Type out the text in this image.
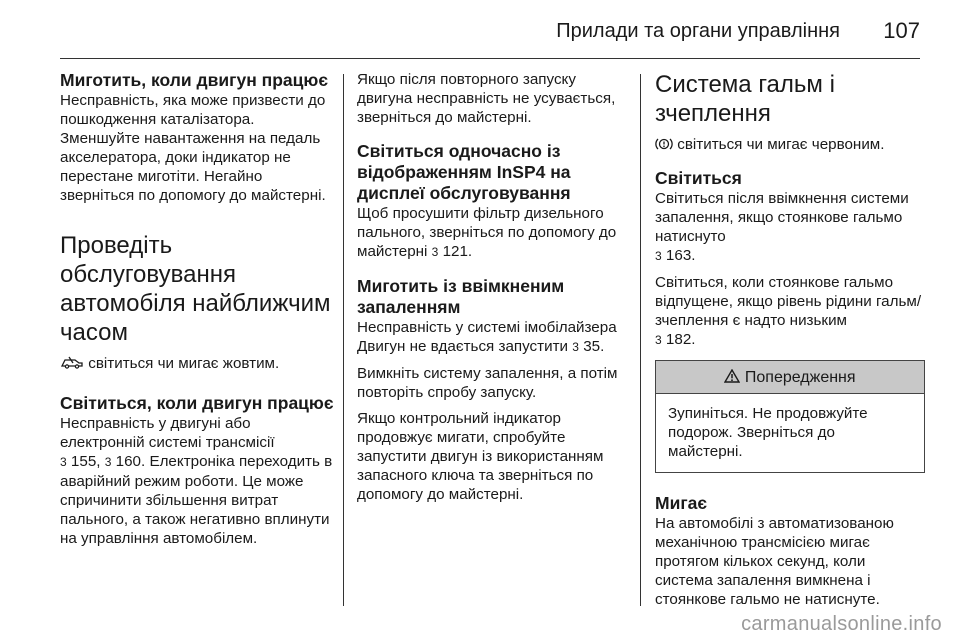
Прилади та органи управління 107
Миготить, коли двигун працює

Несправність, яка може призвести до пошкодження каталізатора. Зменшуйте навантаження на педаль акселератора, доки індикатор не перестане миготіти. Негайно зверніться по допомогу до майстерні.

Проведіть обслуговування автомобіля найближчим часом

світиться чи мигає жовтим.

Світиться, коли двигун працює

Несправність у двигуні або електронній системі трансмісії
3 155, 3 160. Електроніка переходить в аварійний режим роботи. Це може спричинити збільшення витрат пального, а також негативно вплинути на управління автомобілем.

Якщо після повторного запуску двигуна несправність не усувається, зверніться до майстерні.

Світиться одночасно із відображенням InSP4 на дисплеї обслуговування

Щоб просушити фільтр дизельного пального, зверніться по допомогу до майстерні 3 121.

Миготить із ввімкненим запаленням

Несправність у системі імобілайзера Двигун не вдається запустити 3 35.

Вимкніть систему запалення, а потім повторіть спробу запуску.

Якщо контрольний індикатор продовжує мигати, спробуйте запустити двигун із використанням запасного ключа та зверніться по допомогу до майстерні.

Система гальм і зчеплення

світиться чи мигає червоним.

Світиться

Світиться після ввімкнення системи запалення, якщо стоянкове гальмо натиснуто
3 163.

Світиться, коли стоянкове гальмо відпущене, якщо рівень рідини гальм/зчеплення є надто низьким
3 182.

Попередження
Зупиніться. Не продовжуйте подорож. Зверніться до майстерні.
Мигає

На автомобілі з автоматизованою механічною трансмісією мигає протягом кількох секунд, коли система запалення вимкнена і стоянкове гальмо не натиснуте.

carmanualsonline.info
